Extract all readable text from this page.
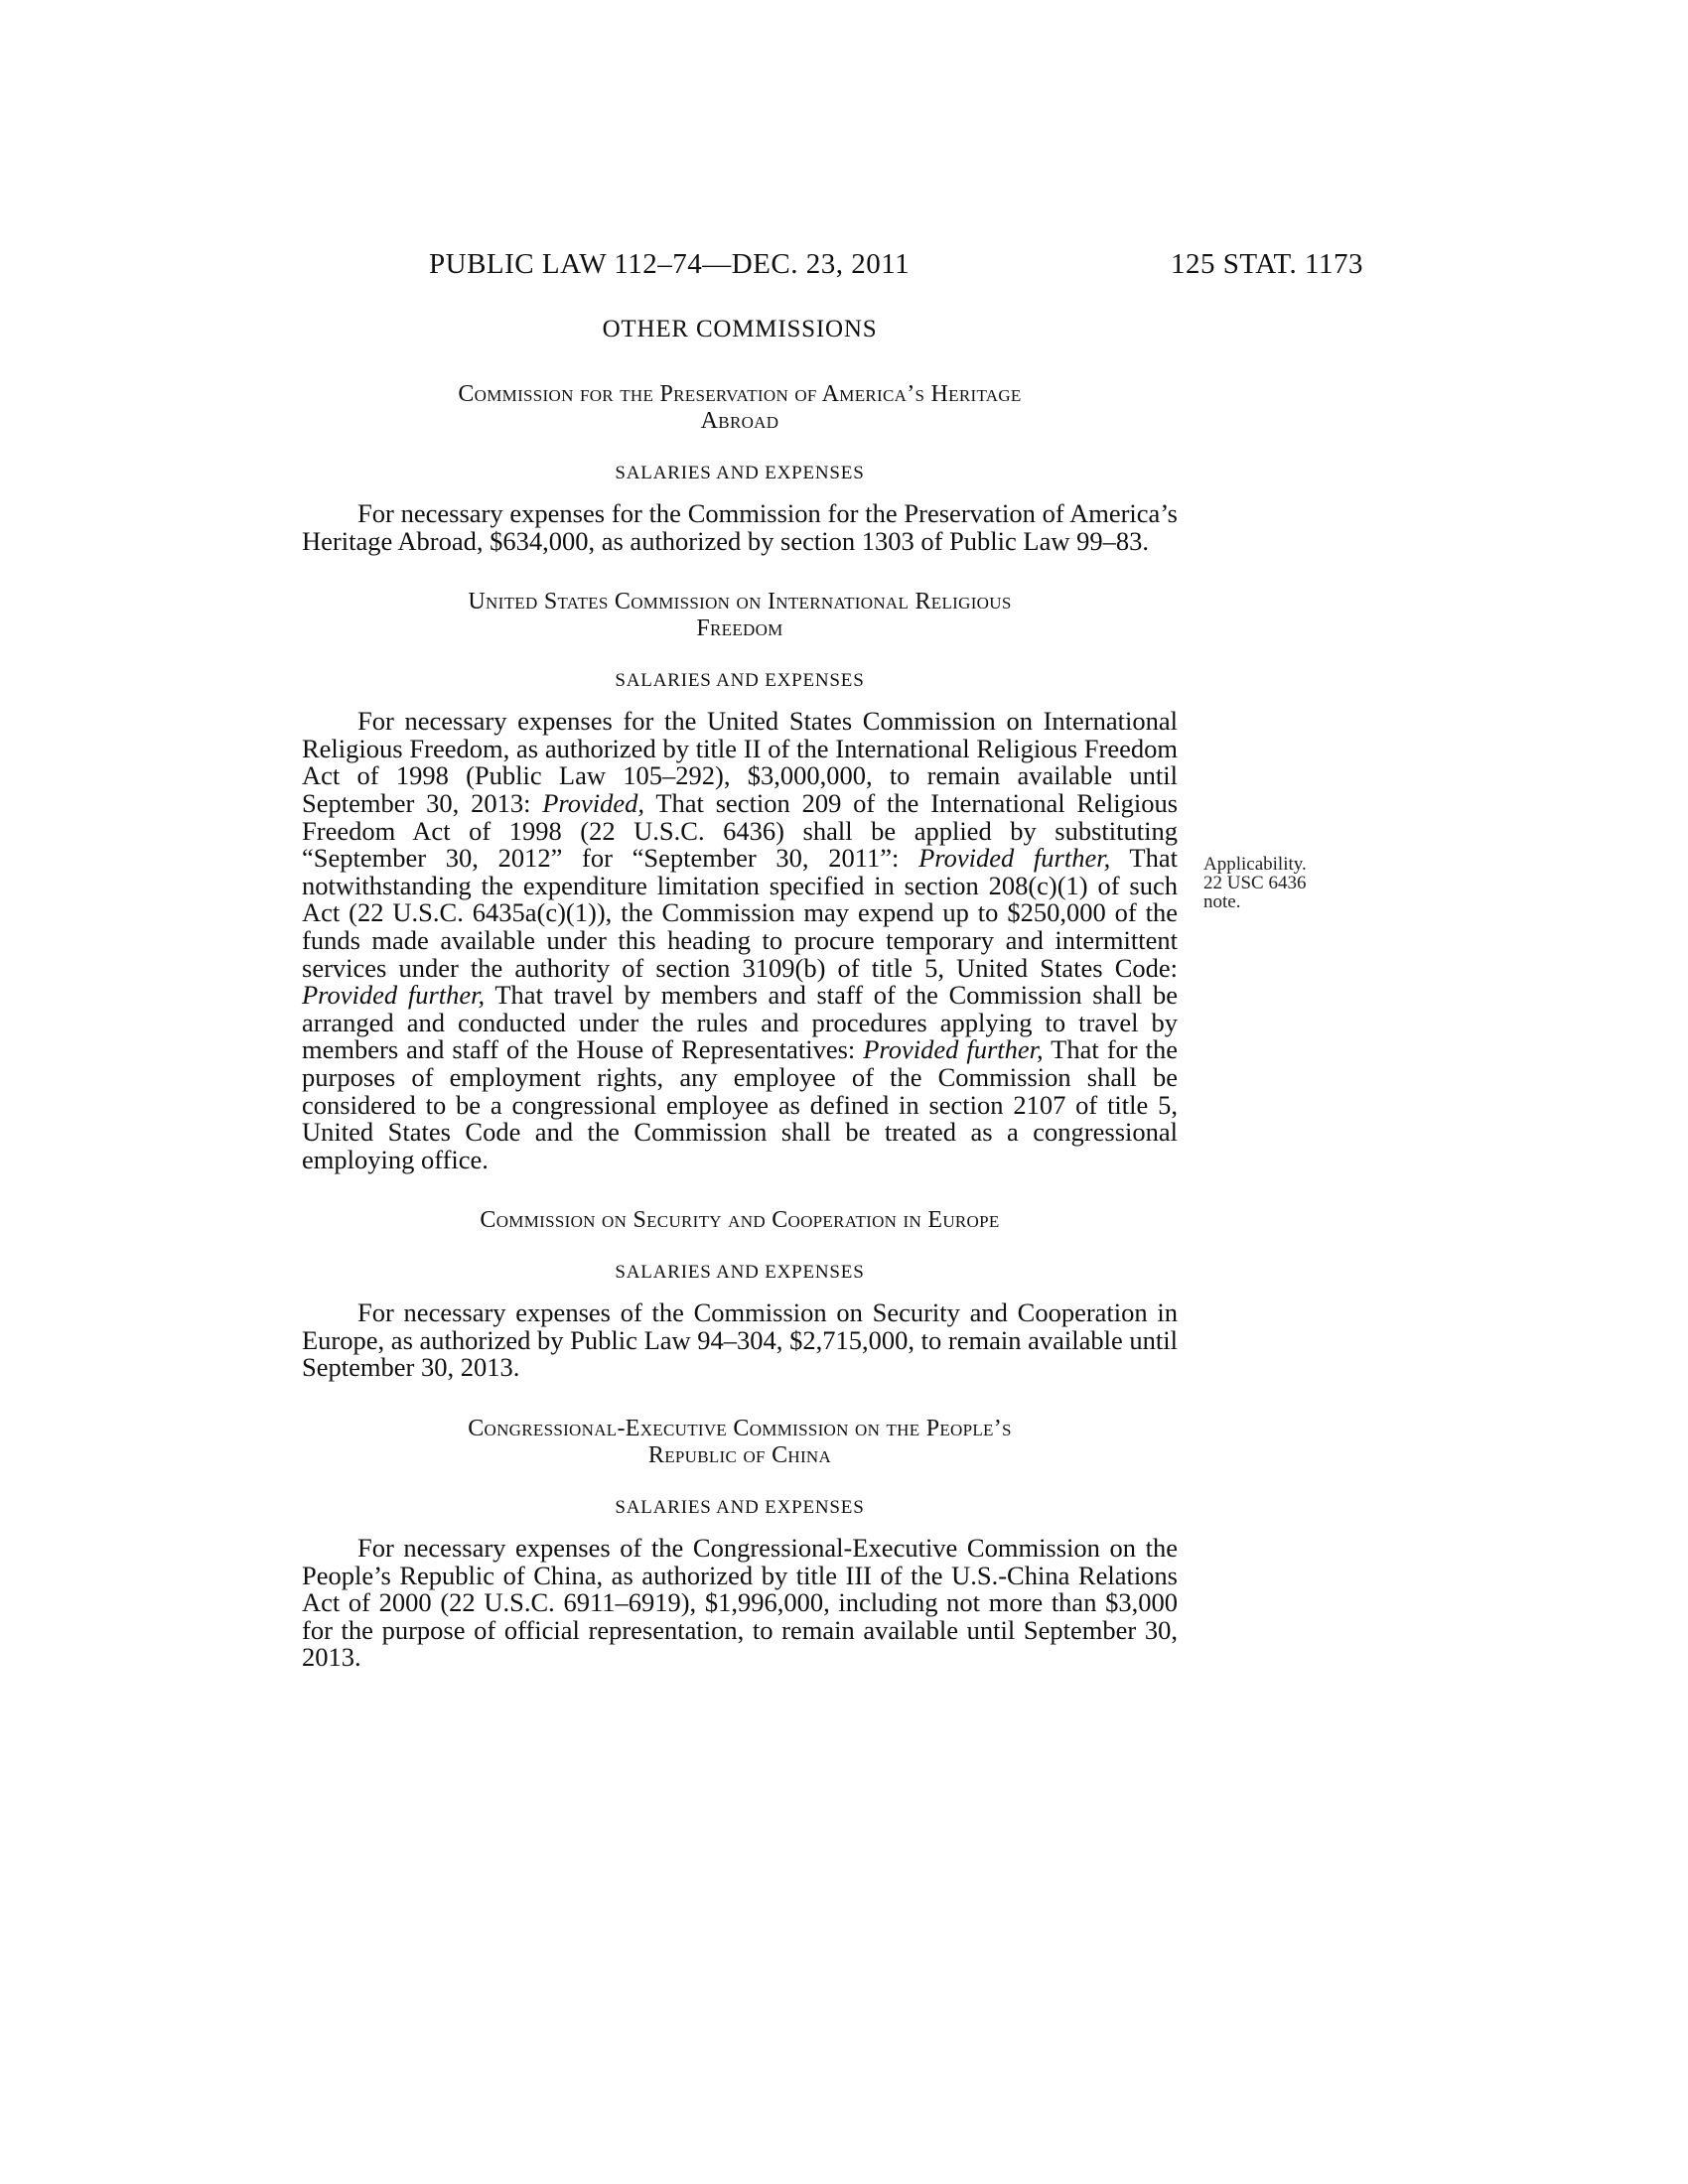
PUBLIC LAW 112–74—DEC. 23, 2011	125 STAT. 1173
OTHER COMMISSIONS
Commission for the Preservation of America’s Heritage
Abroad
SALARIES AND EXPENSES

For necessary expenses for the Commission for the Preservation of America’s Heritage Abroad, $634,000, as authorized by section 1303 of Public Law 99–83.

United States Commission on International Religious
Freedom
SALARIES AND EXPENSES

For necessary expenses for the United States Commission on International Religious Freedom, as authorized by title II of the International Religious Freedom Act of 1998 (Public Law 105–292), $3,000,000, to remain available until September 30, 2013: Provided, That section 209 of the International Religious Freedom Act of 1998 (22 U.S.C. 6436) shall be applied by substituting “September 30, 2012” for “September 30, 2011”: Provided further, That notwithstanding the expenditure limitation specified in section 208(c)(1) of such Act (22 U.S.C. 6435a(c)(1)), the Commission may expend up to $250,000 of the funds made available under this heading to procure temporary and intermittent services under the authority of section 3109(b) of title 5, United States Code: Provided further, That travel by members and staff of the Commission shall be arranged and conducted under the rules and procedures applying to travel by members and staff of the House of Representatives: Provided further, That for the purposes of employment rights, any employee of the Commission shall be considered to be a congressional employee as defined in section 2107 of title 5, United States Code and the Commission shall be treated as a congressional employing office.

Commission on Security and Cooperation in Europe
SALARIES AND EXPENSES

For necessary expenses of the Commission on Security and Cooperation in Europe, as authorized by Public Law 94–304, $2,715,000, to remain available until September 30, 2013.

Congressional-Executive Commission on the People’s
Republic of China
SALARIES AND EXPENSES

For necessary expenses of the Congressional-Executive Commission on the People’s Republic of China, as authorized by title III of the U.S.-China Relations Act of 2000 (22 U.S.C. 6911–6919), $1,996,000, including not more than $3,000 for the purpose of official representation, to remain available until September 30, 2013.

Applicability.
22 USC 6436
note.
